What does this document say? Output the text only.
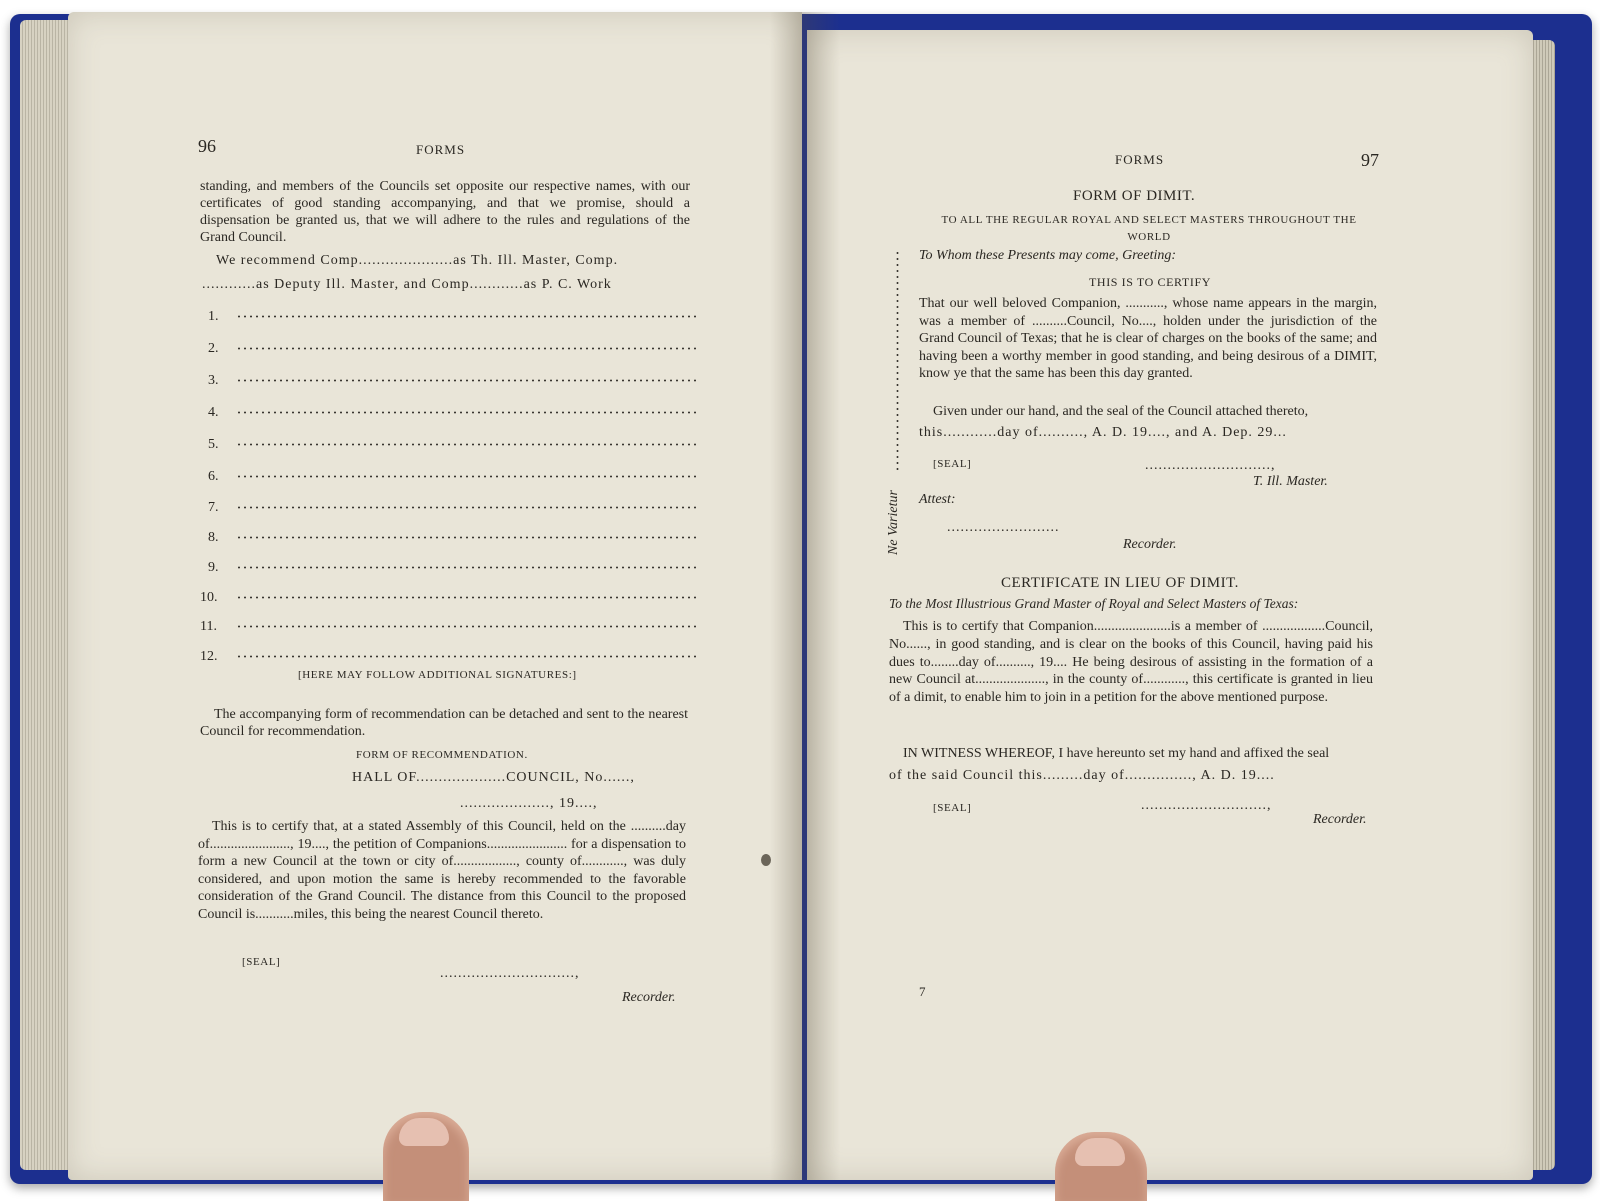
96	FORMS
standing, and members of the Councils set opposite our respective names, with our certificates of good standing accompanying, and that we promise, should a dispensation be granted us, that we will adhere to the rules and regulations of the Grand Council.
We recommend Comp.....................as Th. Ill. Master, Comp.
............as Deputy Ill. Master, and Comp............as P. C. Work
1.
2.
3.
4.
5.
6.
7.
8.
9.
10.
11.
12.
[HERE MAY FOLLOW ADDITIONAL SIGNATURES:]
The accompanying form of recommendation can be detached and sent to the nearest Council for recommendation.
FORM OF RECOMMENDATION.
HALL OF....................COUNCIL, No......,
...................., 19....,
This is to certify that, at a stated Assembly of this Council, held on the ..........day of......................., 19...., the petition of Companions....................... for a dispensation to form a new Council at the town or city of.................., county of............, was duly considered, and upon motion the same is hereby recommended to the favorable consideration of the Grand Council. The distance from this Council to the proposed Council is...........miles, this being the nearest Council thereto.
[SEAL]
..............................,
Recorder.
FORMS	97
FORM OF DIMIT.
TO ALL THE REGULAR ROYAL AND SELECT MASTERS THROUGHOUT THE WORLD
To Whom these Presents may come, Greeting:
THIS IS TO CERTIFY
That our well beloved Companion, ..........., whose name appears in the margin, was a member of ..........Council, No...., holden under the jurisdiction of the Grand Council of Texas; that he is clear of charges on the books of the same; and having been a worthy member in good standing, and being desirous of a DIMIT, know ye that the same has been this day granted.
Given under our hand, and the seal of the Council attached thereto,
this............day of.........., A. D. 19...., and A. Dep. 29...
[SEAL]	............................,
T. Ill. Master.
Attest:
.........................
Recorder.
CERTIFICATE IN LIEU OF DIMIT.
To the Most Illustrious Grand Master of Royal and Select Masters of Texas:
This is to certify that Companion......................is a member of ..................Council, No......, in good standing, and is clear on the books of this Council, having paid his dues to........day of.........., 19.... He being desirous of assisting in the formation of a new Council at...................., in the county of............, this certificate is granted in lieu of a dimit, to enable him to join in a petition for the above mentioned purpose.
IN WITNESS WHEREOF, I have hereunto set my hand and affixed the seal
of the said Council this.........day of..............., A. D. 19....
[SEAL]	............................,
Recorder.
7
Ne Varietur
